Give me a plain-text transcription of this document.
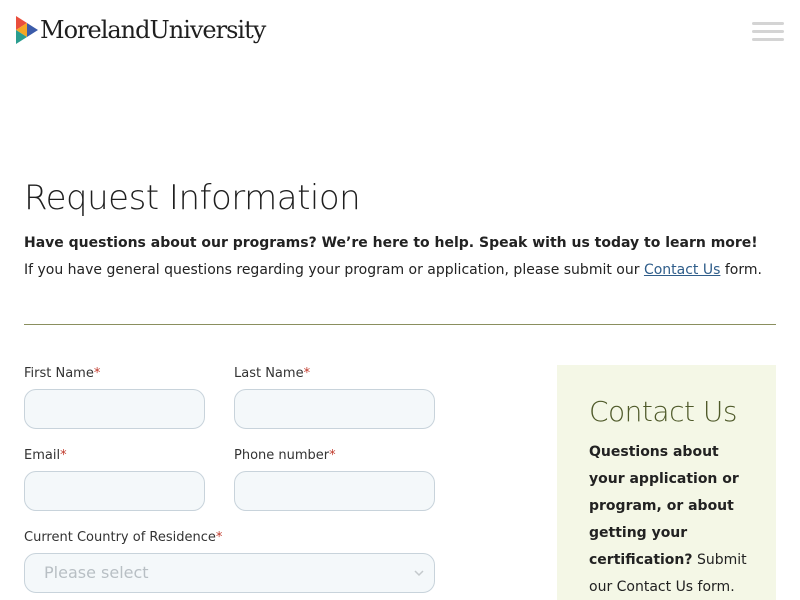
MorelandUniversity
Request Information

Have questions about our programs? We’re here to help. Speak with us today to learn more! If you have general questions regarding your program or application, please submit our Contact Us form.

First Name*	Last Name*
Email*	Phone number*
Current Country of Residence*
Please select
Contact Us

Questions about your application or program, or about getting your certification? Submit our Contact Us form.
